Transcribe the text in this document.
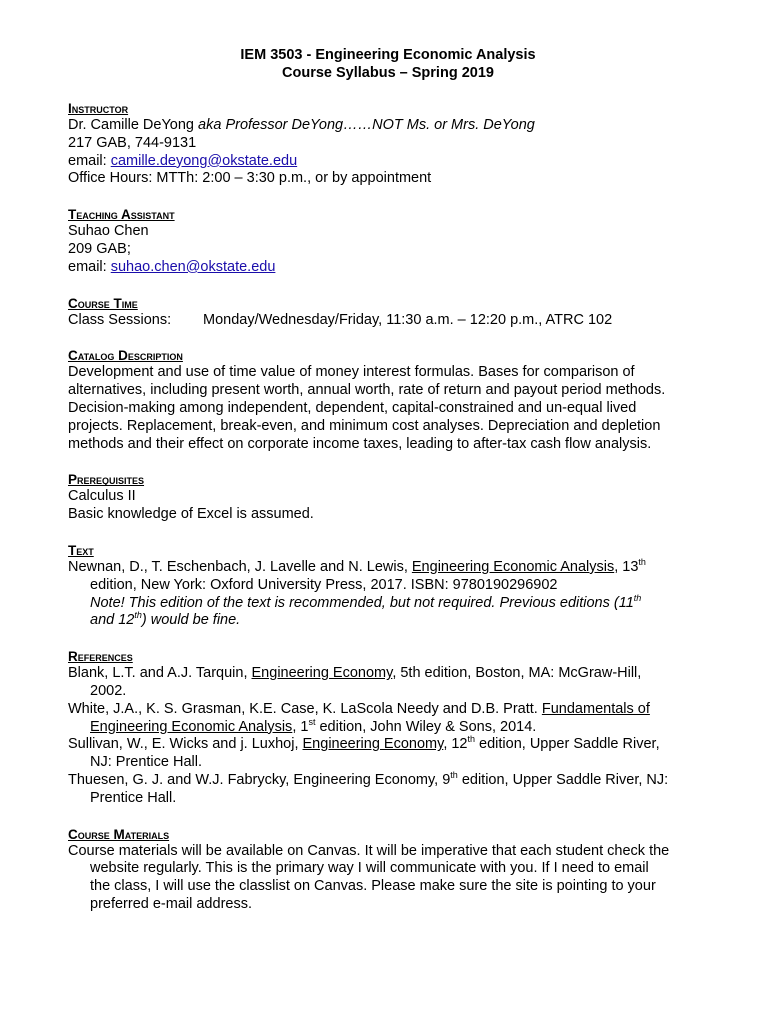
IEM 3503 - Engineering Economic Analysis
Course Syllabus – Spring 2019
Instructor
Dr. Camille DeYong aka Professor DeYong……NOT Ms. or Mrs. DeYong
217 GAB, 744-9131
email: camille.deyong@okstate.edu
Office Hours: MTTh: 2:00 – 3:30 p.m., or by appointment
Teaching Assistant
Suhao Chen
209 GAB;
email: suhao.chen@okstate.edu
Course Time
Class Sessions: Monday/Wednesday/Friday, 11:30 a.m. – 12:20 p.m., ATRC 102
Catalog Description
Development and use of time value of money interest formulas. Bases for comparison of
alternatives, including present worth, annual worth, rate of return and payout period methods.
Decision-making among independent, dependent, capital-constrained and un-equal lived
projects. Replacement, break-even, and minimum cost analyses. Depreciation and depletion
methods and their effect on corporate income taxes, leading to after-tax cash flow analysis.
Prerequisites
Calculus II
Basic knowledge of Excel is assumed.
Text
Newnan, D., T. Eschenbach, J. Lavelle and N. Lewis, Engineering Economic Analysis, 13th
edition, New York: Oxford University Press, 2017. ISBN: 9780190296902
Note! This edition of the text is recommended, but not required. Previous editions (11th
and 12th) would be fine.
References
Blank, L.T. and A.J. Tarquin, Engineering Economy, 5th edition, Boston, MA: McGraw-Hill,
2002.
White, J.A., K. S. Grasman, K.E. Case, K. LaScola Needy and D.B. Pratt. Fundamentals of
Engineering Economic Analysis, 1st edition, John Wiley & Sons, 2014.
Sullivan, W., E. Wicks and j. Luxhoj, Engineering Economy, 12th edition, Upper Saddle River,
NJ: Prentice Hall.
Thuesen, G. J. and W.J. Fabrycky, Engineering Economy, 9th edition, Upper Saddle River, NJ:
Prentice Hall.
Course Materials
Course materials will be available on Canvas. It will be imperative that each student check the
website regularly. This is the primary way I will communicate with you. If I need to email
the class, I will use the classlist on Canvas. Please make sure the site is pointing to your
preferred e-mail address.
